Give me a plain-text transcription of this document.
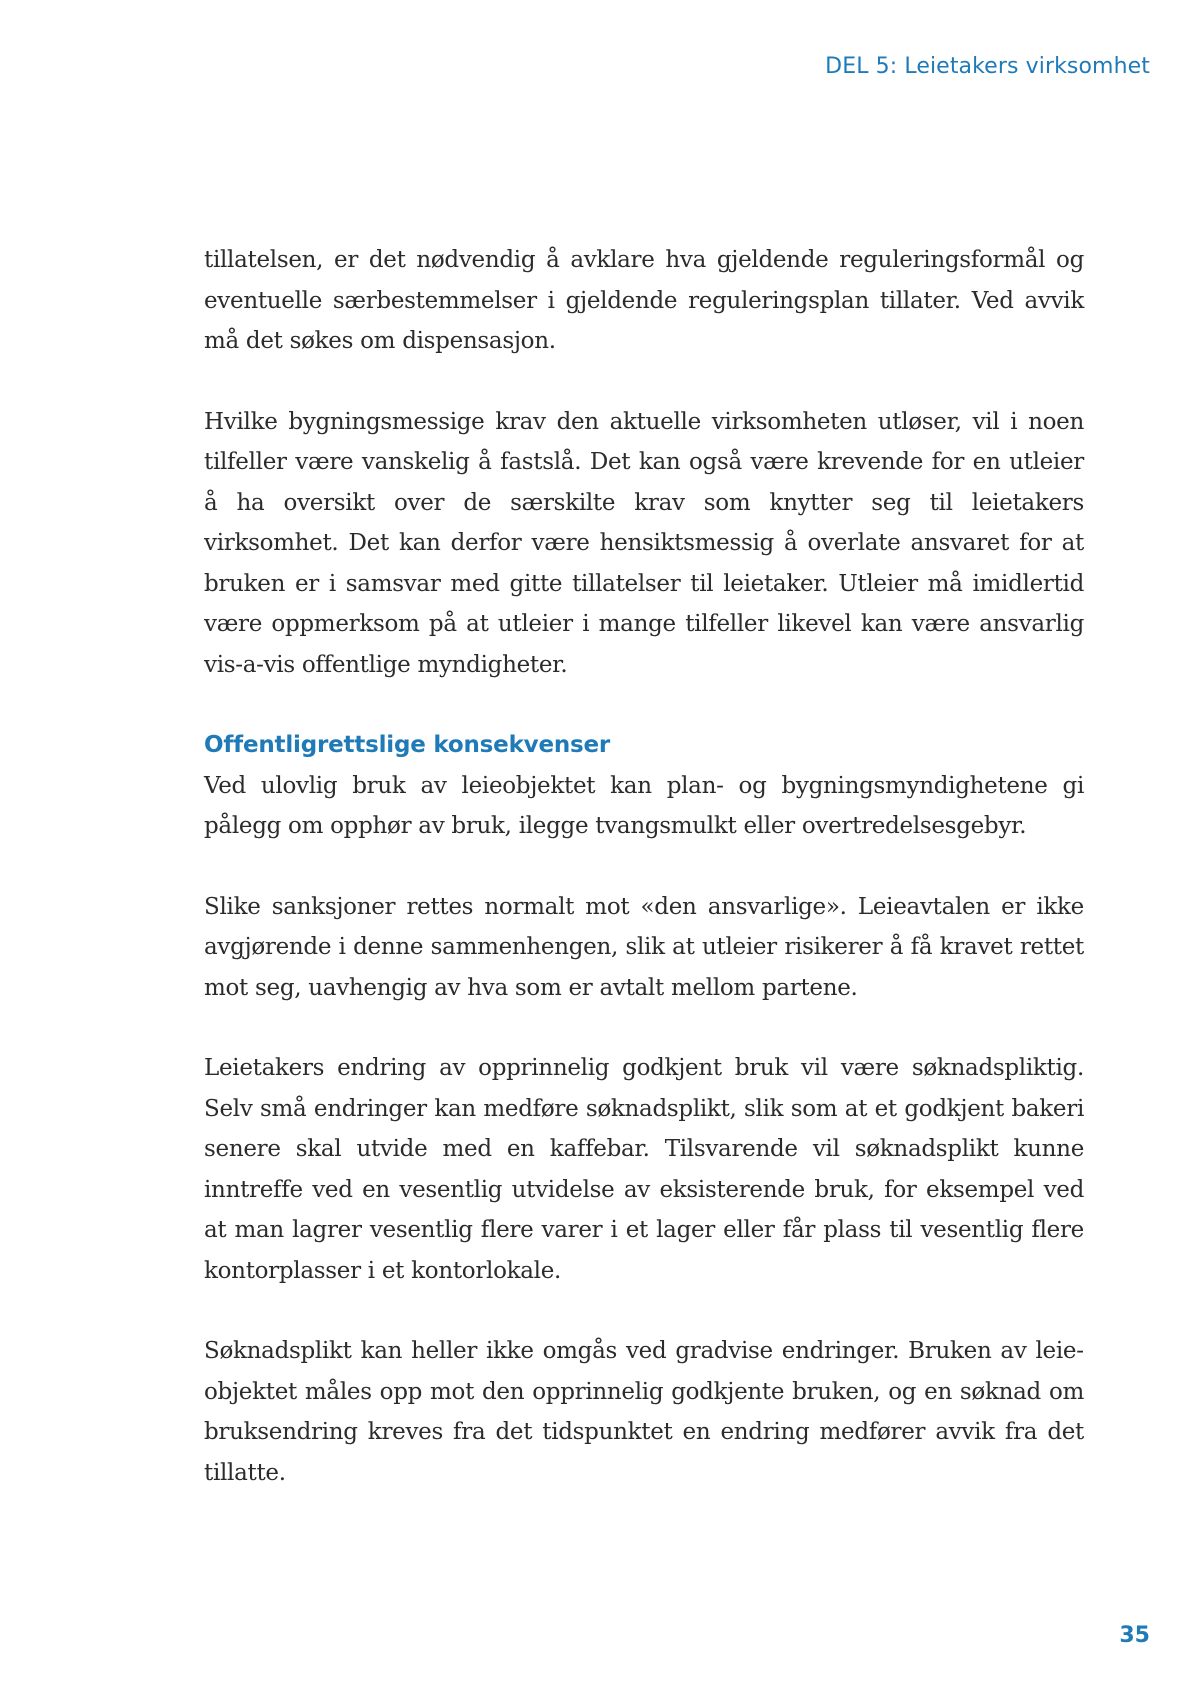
DEL 5: Leietakers virksomhet

tillatelsen, er det nødvendig å avklare hva gjeldende reguleringsformål og eventuelle særbestemmelser i gjeldende reguleringsplan tillater. Ved avvik må det søkes om dispensasjon.

Hvilke bygningsmessige krav den aktuelle virksomheten utløser, vil i noen tilfeller være vanskelig å fastslå. Det kan også være krevende for en utleier å ha oversikt over de særskilte krav som knytter seg til leietakers virksomhet. Det kan derfor være hensiktsmessig å overlate ansvaret for at bruken er i samsvar med gitte tillatelser til leietaker. Utleier må imidlertid være oppmerksom på at utleier i mange tilfeller likevel kan være ansvarlig vis-a-vis offentlige myndigheter.

Offentligrettslige konsekvenser

Ved ulovlig bruk av leieobjektet kan plan- og bygningsmyndighetene gi pålegg om opphør av bruk, ilegge tvangsmulkt eller overtredelsesgebyr.

Slike sanksjoner rettes normalt mot «den ansvarlige». Leieavtalen er ikke avgjørende i denne sammenhengen, slik at utleier risikerer å få kravet rettet mot seg, uavhengig av hva som er avtalt mellom partene.

Leietakers endring av opprinnelig godkjent bruk vil være søknadspliktig. Selv små endringer kan medføre søknadsplikt, slik som at et godkjent bakeri senere skal utvide med en kaffebar. Tilsvarende vil søknadsplikt kunne inntreffe ved en vesentlig utvidelse av eksisterende bruk, for eksempel ved at man lagrer vesentlig flere varer i et lager eller får plass til vesentlig flere kontorplasser i et kontorlokale.

Søknadsplikt kan heller ikke omgås ved gradvise endringer. Bruken av leieobjektet måles opp mot den opprinnelig godkjente bruken, og en søknad om bruksendring kreves fra det tidspunktet en endring medfører avvik fra det tillatte.

35
